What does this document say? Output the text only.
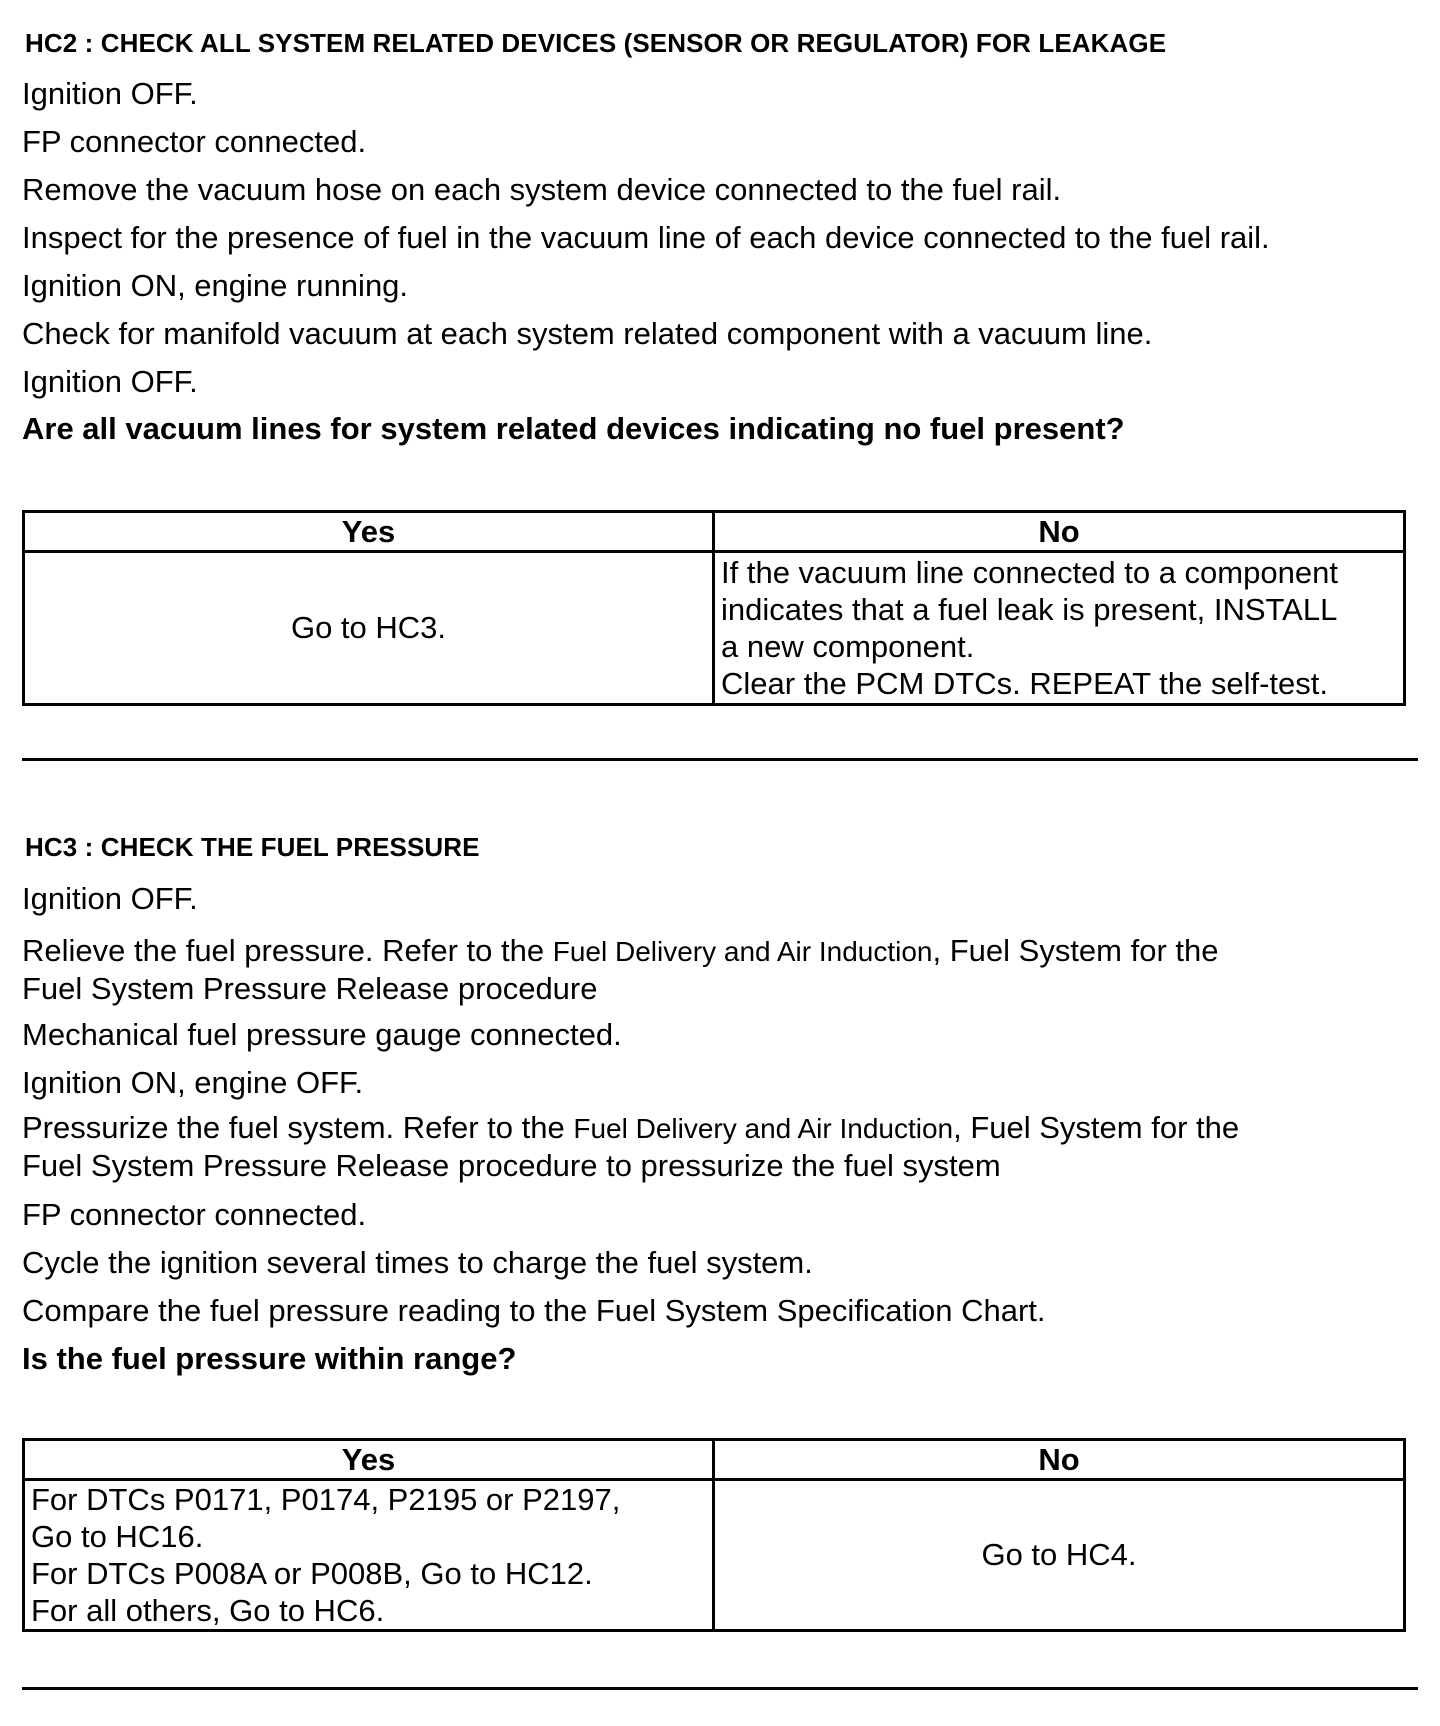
HC2 : CHECK ALL SYSTEM RELATED DEVICES (SENSOR OR REGULATOR) FOR LEAKAGE
Ignition OFF.
FP connector connected.
Remove the vacuum hose on each system device connected to the fuel rail.
Inspect for the presence of fuel in the vacuum line of each device connected to the fuel rail.
Ignition ON, engine running.
Check for manifold vacuum at each system related component with a vacuum line.
Ignition OFF.
Are all vacuum lines for system related devices indicating no fuel present?
Yes	No

Go to HC3.	If the vacuum line connected to a component
indicates that a fuel leak is present, INSTALL
a new component.
Clear the PCM DTCs. REPEAT the self-test.
HC3 : CHECK THE FUEL PRESSURE
Ignition OFF.
Relieve the fuel pressure. Refer to the Fuel Delivery and Air Induction, Fuel System for the
Fuel System Pressure Release procedure
Mechanical fuel pressure gauge connected.
Ignition ON, engine OFF.
Pressurize the fuel system. Refer to the Fuel Delivery and Air Induction, Fuel System for the
Fuel System Pressure Release procedure to pressurize the fuel system
FP connector connected.
Cycle the ignition several times to charge the fuel system.
Compare the fuel pressure reading to the Fuel System Specification Chart.
Is the fuel pressure within range?
Yes	No

For DTCs P0171, P0174, P2195 or P2197,
Go to HC16.
For DTCs P008A or P008B, Go to HC12.
For all others, Go to HC6.	Go to HC4.
